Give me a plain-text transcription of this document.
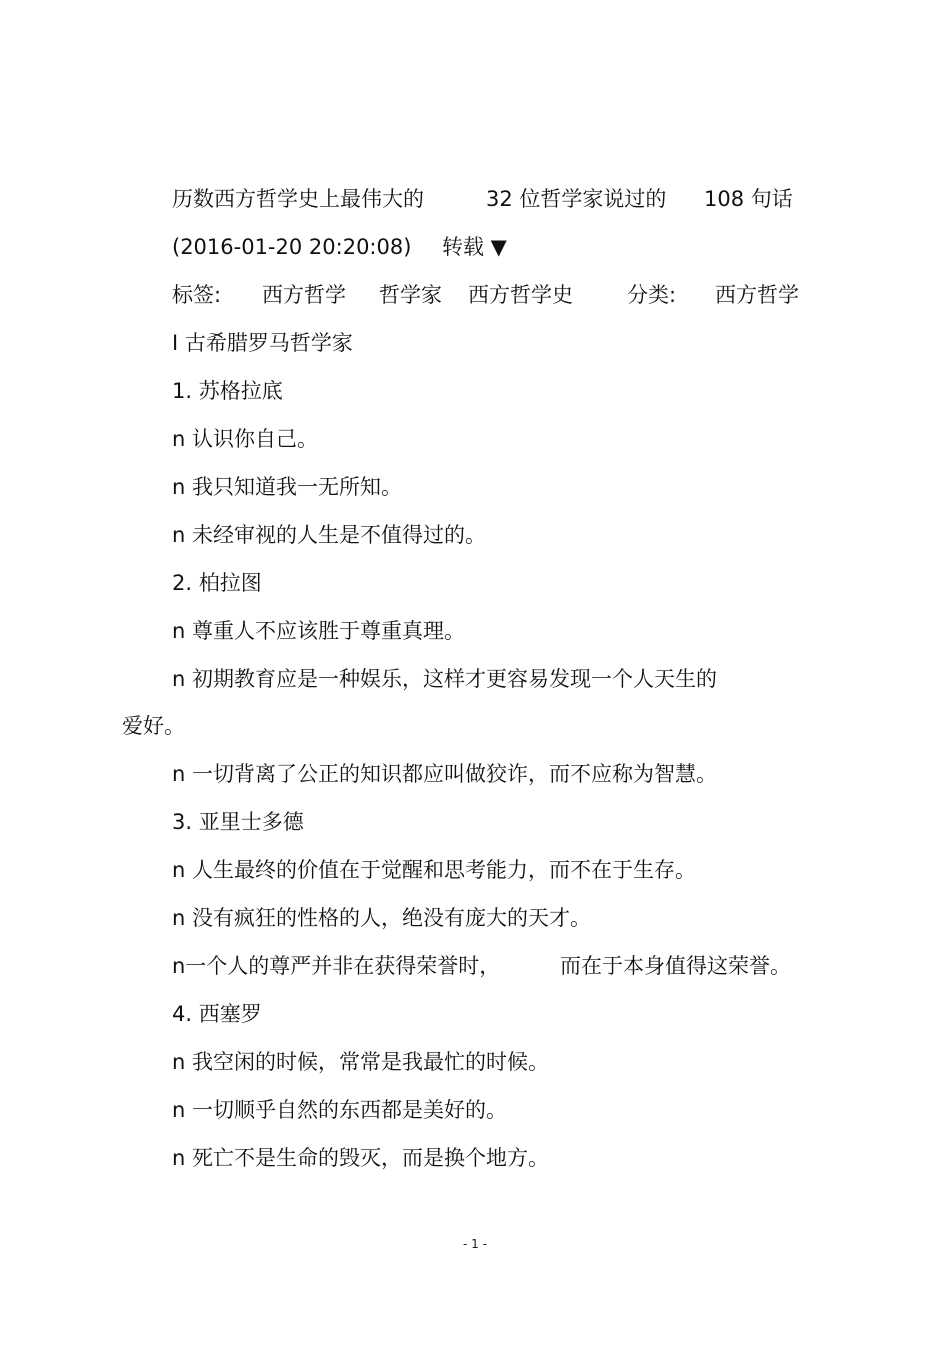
历数西方哲学史上最伟大的	32 位哲学家说过的 108 句话
(2016-01-20 20:20:08) 转载 ▼
标签: 西方哲学 哲学家 西方哲学史	分类: 西方哲学
I 古希腊罗马哲学家
1. 苏格拉底
n 认识你自己。
n 我只知道我一无所知。
n 未经审视的人生是不值得过的。
2. 柏拉图
n 尊重人不应该胜于尊重真理。
n 初期教育应是一种娱乐，这样才更容易发现一个人天生的
爱好。
n 一切背离了公正的知识都应叫做狡诈，而不应称为智慧。
3. 亚里士多德
n 人生最终的价值在于觉醒和思考能力，而不在于生存。
n 没有疯狂的性格的人，绝没有庞大的天才。
n一个人的尊严并非在获得荣誉时，	而在于本身值得这荣誉。
4. 西塞罗
n 我空闲的时候，常常是我最忙的时候。
n 一切顺乎自然的东西都是美好的。
n 死亡不是生命的毁灭，而是换个地方。
- 1 -
